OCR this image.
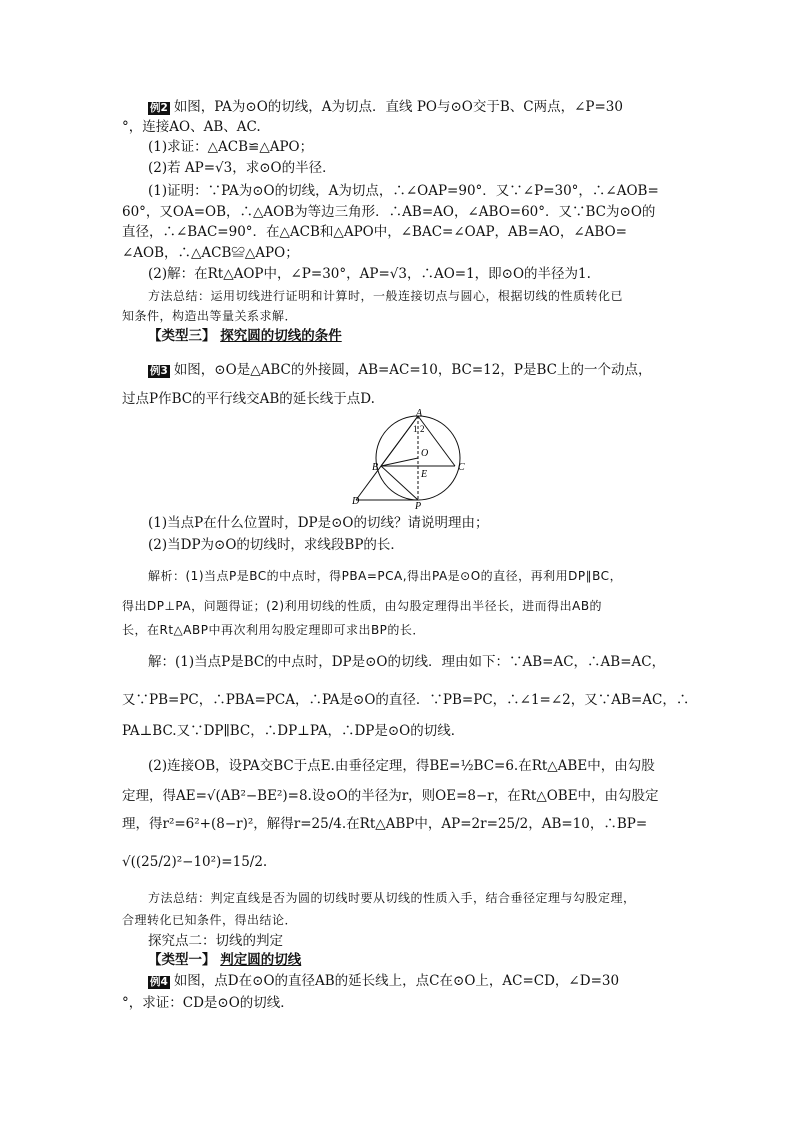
例2 如图，PA为⊙O的切线，A为切点．直线 PO与⊙O交于B、C两点，∠P=30
°，连接AO、AB、AC.
(1)求证：△ACB≌△APO；
(2)若 AP=√3，求⊙O的半径．
(1)证明：∵PA为⊙O的切线，A为切点，∴∠OAP=90°．又∵∠P=30°，∴∠AOB=
60°，又OA=OB，∴△AOB为等边三角形．∴AB=AO，∠ABO=60°．又∵BC为⊙O的
直径，∴∠BAC=90°．在△ACB和△APO中，∠BAC=∠OAP，AB=AO，∠ABO=
∠AOB，∴△ACB≌△APO；
(2)解：在Rt△AOP中，∠P=30°，AP=√3，∴AO=1，即⊙O的半径为1.
方法总结：运用切线进行证明和计算时，一般连接切点与圆心，根据切线的性质转化已
知条件，构造出等量关系求解．
【类型三】 探究圆的切线的条件
例3 如图，⊙O是△ABC的外接圆，AB=AC=10，BC=12，P是BC上的一个动点，
过点P作BC的平行线交AB的延长线于点D.
A
B	C
D
O
E
P
1 2
(1)当点P在什么位置时，DP是⊙O的切线？请说明理由；
(2)当DP为⊙O的切线时，求线段BP的长．
解析：(1)当点P是BC的中点时，得PBA=PCA,得出PA是⊙O的直径，再利用DP∥BC，
得出DP⊥PA，问题得证；(2)利用切线的性质，由勾股定理得出半径长，进而得出AB的
长，在Rt△ABP中再次利用勾股定理即可求出BP的长．
解：(1)当点P是BC的中点时，DP是⊙O的切线．理由如下：∵AB=AC，∴AB=AC，
又∵PB=PC，∴PBA=PCA，∴PA是⊙O的直径．∵PB=PC，∴∠1=∠2，又∵AB=AC，∴
PA⊥BC.又∵DP∥BC，∴DP⊥PA，∴DP是⊙O的切线．
(2)连接OB，设PA交BC于点E.由垂径定理，得BE=½BC=6.在Rt△ABE中，由勾股
定理，得AE=√(AB²−BE²)=8.设⊙O的半径为r，则OE=8−r，在Rt△OBE中，由勾股定
理，得r²=6²+(8−r)²，解得r=25/4.在Rt△ABP中，AP=2r=25/2，AB=10，∴BP=
√((25/2)²−10²)=15/2.
方法总结：判定直线是否为圆的切线时要从切线的性质入手，结合垂径定理与勾股定理，
合理转化已知条件，得出结论．
探究点二：切线的判定
【类型一】 判定圆的切线
例4 如图，点D在⊙O的直径AB的延长线上，点C在⊙O上，AC=CD，∠D=30
°，求证：CD是⊙O的切线．
